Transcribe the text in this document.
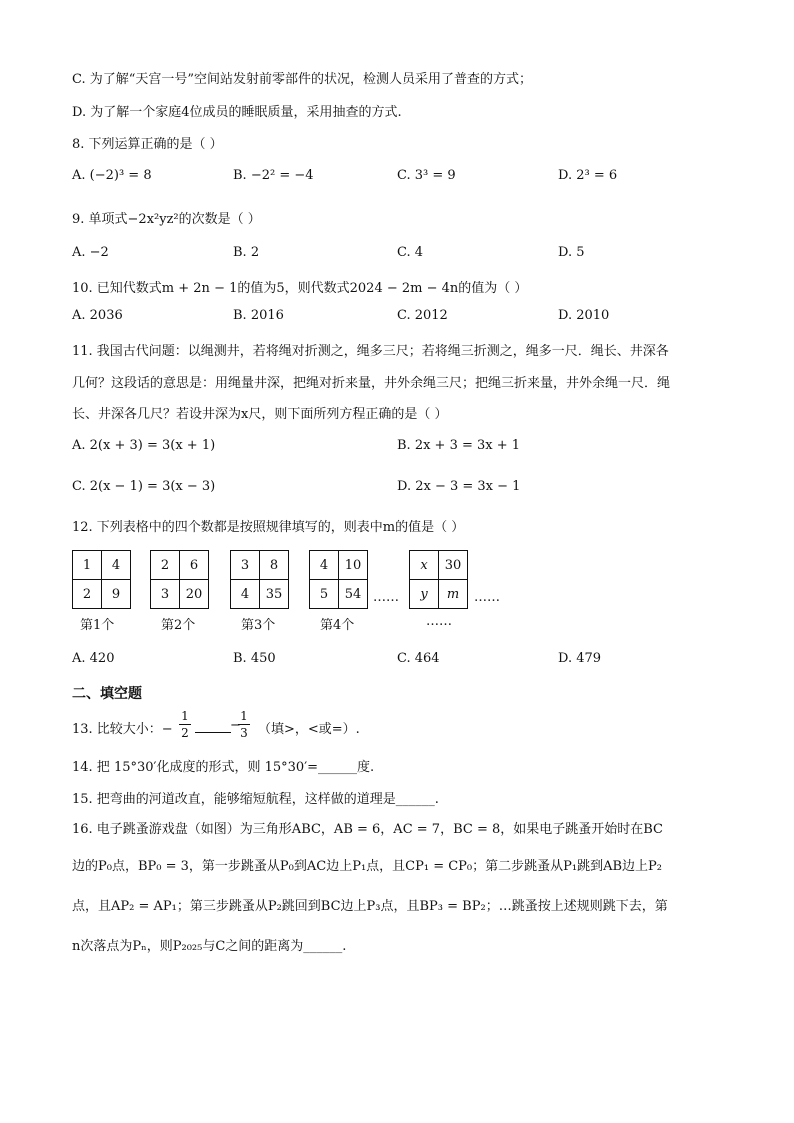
C. 为了解“天宫一号”空间站发射前零部件的状况，检测人员采用了普查的方式；
D. 为了解一个家庭4位成员的睡眠质量，采用抽查的方式.
8. 下列运算正确的是（ ）
A. (−2)³ = 8	B. −2² = −4	C. 3³ = 9	D. 2³ = 6
9. 单项式−2x²yz²的次数是（ ）
A. −2	B. 2	C. 4	D. 5
10. 已知代数式m + 2n − 1的值为5，则代数式2024 − 2m − 4n的值为（ ）
A. 2036	B. 2016	C. 2012	D. 2010
11. 我国古代问题：以绳测井，若将绳对折测之，绳多三尺；若将绳三折测之，绳多一尺．绳长、井深各
几何？这段话的意思是：用绳量井深，把绳对折来量，井外余绳三尺；把绳三折来量，井外余绳一尺．绳
长、井深各几尺？若设井深为x尺，则下面所列方程正确的是（ ）
A. 2(x + 3) = 3(x + 1)	B. 2x + 3 = 3x + 1
C. 2(x − 1) = 3(x − 3)	D. 2x − 3 = 3x − 1
12. 下列表格中的四个数都是按照规律填写的，则表中m的值是（ ）
1	4
2	9
2	6
3	20
3	8
4	35
4	10
5	54 ……
x	30
y	m ……
第1个	第2个	第3个	第4个	……
A. 420	B. 450	C. 464	D. 479
二、填空题
13. 比较大小：−
1
2	−
1
3 （填>，<或=）.
14. 把 15°30′化成度的形式，则 15°30′=______度.
15. 把弯曲的河道改直，能够缩短航程，这样做的道理是______.
16. 电子跳蚤游戏盘（如图）为三角形ABC，AB = 6，AC = 7，BC = 8，如果电子跳蚤开始时在BC
边的P₀点，BP₀ = 3，第一步跳蚤从P₀到AC边上P₁点，且CP₁ = CP₀；第二步跳蚤从P₁跳到AB边上P₂
点，且AP₂ = AP₁；第三步跳蚤从P₂跳回到BC边上P₃点，且BP₃ = BP₂；…跳蚤按上述规则跳下去，第
n次落点为Pₙ，则P₂₀₂₅与C之间的距离为______.
